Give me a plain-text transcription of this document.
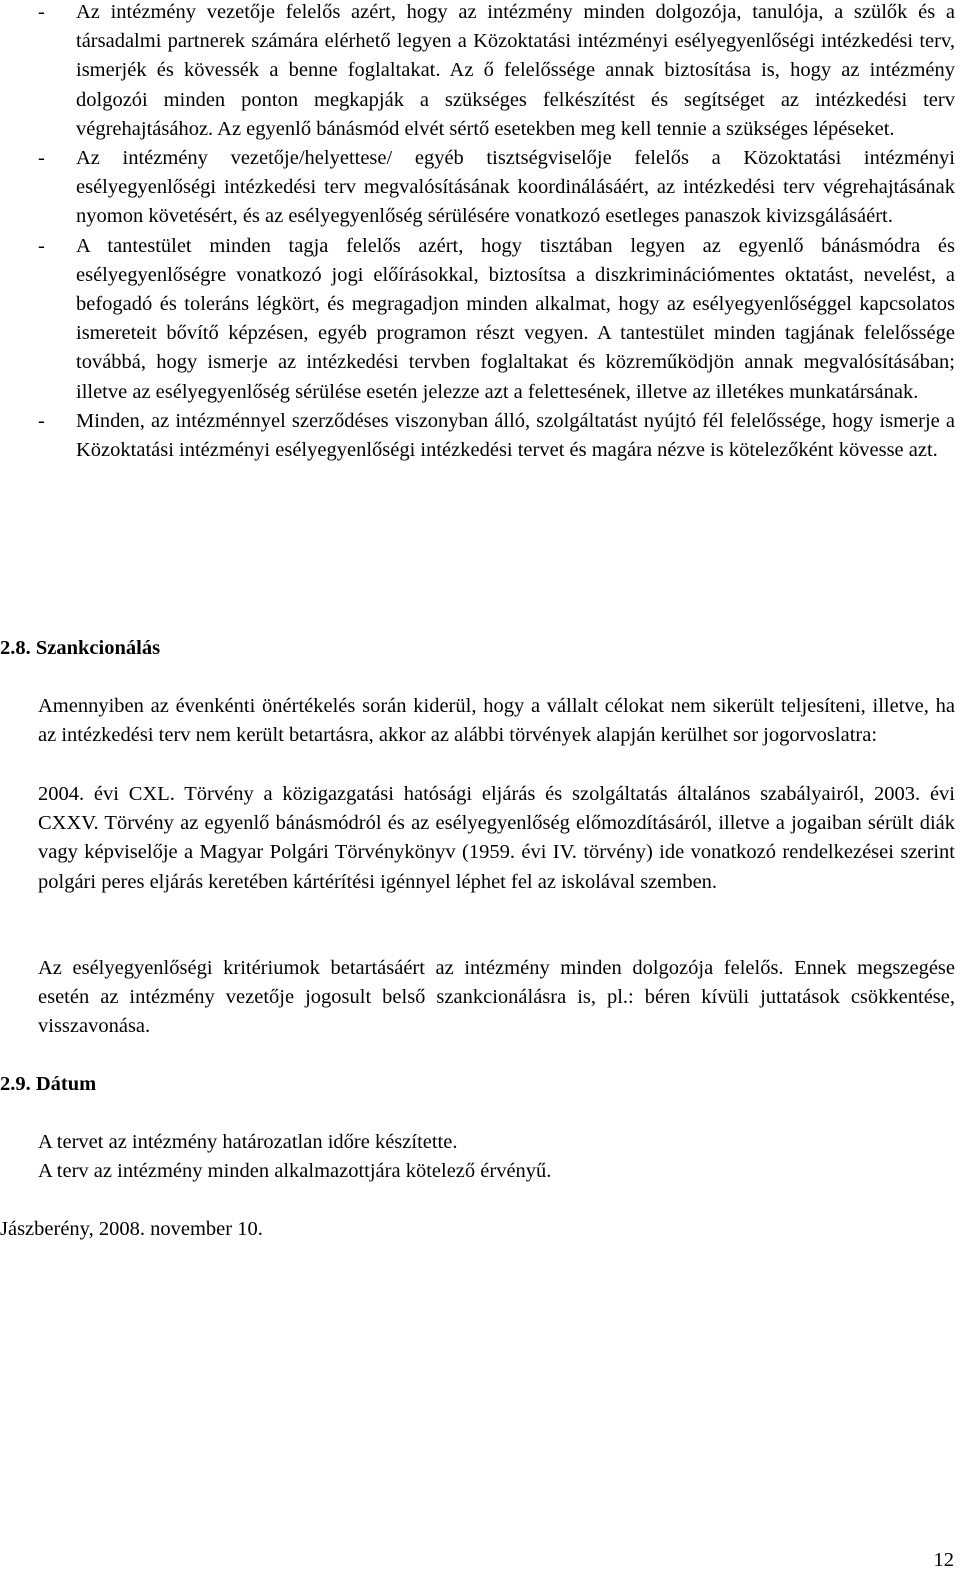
- Az intézmény vezetője felelős azért, hogy az intézmény minden dolgozója, tanulója, a szülők és a társadalmi partnerek számára elérhető legyen a Közoktatási intézményi esélyegyenlőségi intézkedési terv, ismerjék és kövessék a benne foglaltakat. Az ő felelőssége annak biztosítása is, hogy az intézmény dolgozói minden ponton megkapják a szükséges felkészítést és segítséget az intézkedési terv végrehajtásához. Az egyenlő bánásmód elvét sértő esetekben meg kell tennie a szükséges lépéseket.
- Az intézmény vezetője/helyettese/ egyéb tisztségviselője felelős a Közoktatási intézményi esélyegyenlőségi intézkedési terv megvalósításának koordinálásáért, az intézkedési terv végrehajtásának nyomon követésért, és az esélyegyenlőség sérülésére vonatkozó esetleges panaszok kivizsgálásáért.
- A tantestület minden tagja felelős azért, hogy tisztában legyen az egyenlő bánásmódra és esélyegyenlőségre vonatkozó jogi előírásokkal, biztosítsa a diszkriminációmentes oktatást, nevelést, a befogadó és toleráns légkört, és megragadjon minden alkalmat, hogy az esélyegyenlőséggel kapcsolatos ismereteit bővítő képzésen, egyéb programon részt vegyen. A tantestület minden tagjának felelőssége továbbá, hogy ismerje az intézkedési tervben foglaltakat és közreműködjön annak megvalósításában; illetve az esélyegyenlőség sérülése esetén jelezze azt a felettesének, illetve az illetékes munkatársának.
- Minden, az intézménnyel szerződéses viszonyban álló, szolgáltatást nyújtó fél felelőssége, hogy ismerje a Közoktatási intézményi esélyegyenlőségi intézkedési tervet és magára nézve is kötelezőként kövesse azt.
2.8. Szankcionálás

Amennyiben az évenkénti önértékelés során kiderül, hogy a vállalt célokat nem sikerült teljesíteni, illetve, ha az intézkedési terv nem került betartásra, akkor az alábbi törvények alapján kerülhet sor jogorvoslatra:

2004. évi CXL. Törvény a közigazgatási hatósági eljárás és szolgáltatás általános szabályairól, 2003. évi CXXV. Törvény az egyenlő bánásmódról és az esélyegyenlőség előmozdításáról, illetve a jogaiban sérült diák vagy képviselője a Magyar Polgári Törvénykönyv (1959. évi IV. törvény) ide vonatkozó rendelkezései szerint polgári peres eljárás keretében kártérítési igénnyel léphet fel az iskolával szemben.

Az esélyegyenlőségi kritériumok betartásáért az intézmény minden dolgozója felelős. Ennek megszegése esetén az intézmény vezetője jogosult belső szankcionálásra is, pl.: béren kívüli juttatások csökkentése, visszavonása.

2.9. Dátum

A tervet az intézmény határozatlan időre készítette.
A terv az intézmény minden alkalmazottjára kötelező érvényű.

Jászberény, 2008. november 10.

12
